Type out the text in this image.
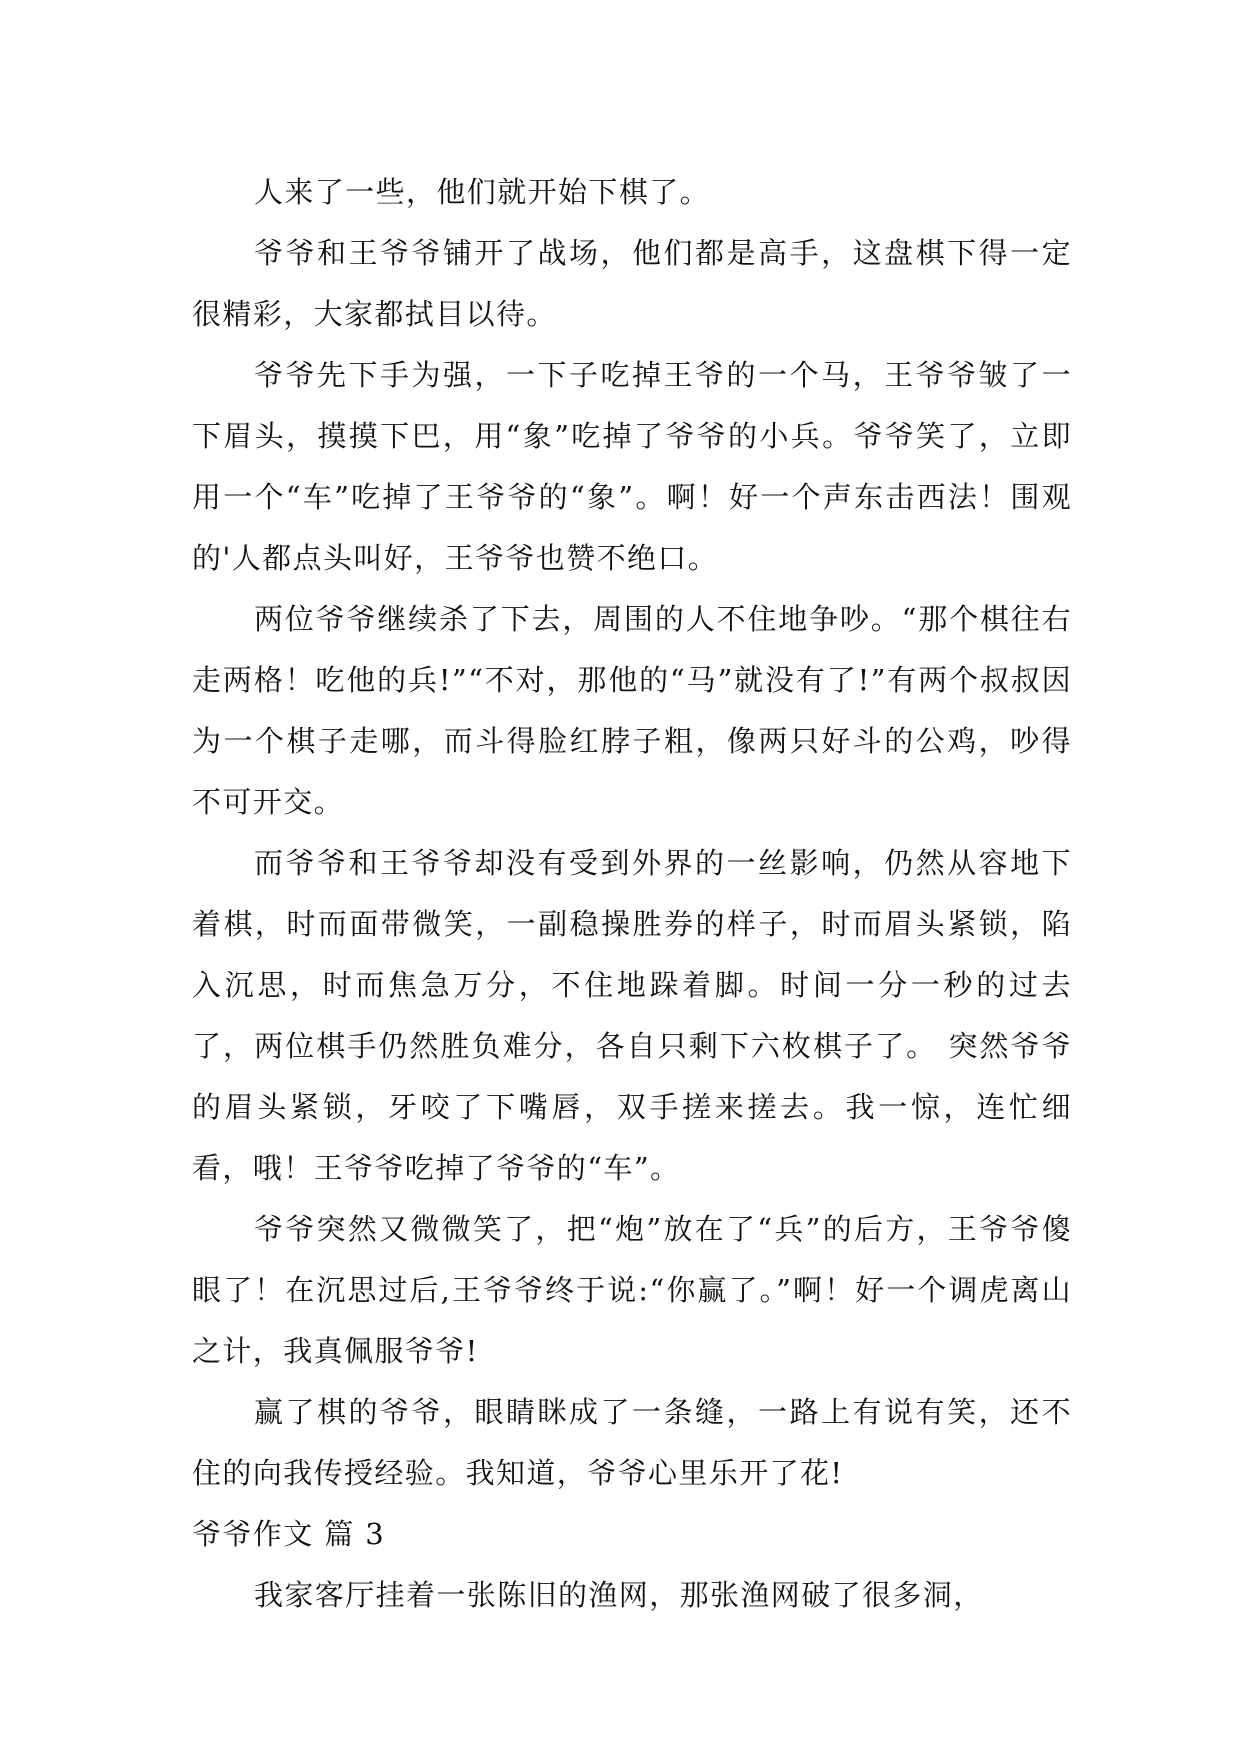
人来了一些，他们就开始下棋了。

爷爷和王爷爷铺开了战场，他们都是高手，这盘棋下得一定很精彩，大家都拭目以待。

爷爷先下手为强，一下子吃掉王爷的一个马，王爷爷皱了一下眉头，摸摸下巴，用“象”吃掉了爷爷的小兵。爷爷笑了，立即用一个“车”吃掉了王爷爷的“象”。啊！好一个声东击西法！围观的'人都点头叫好，王爷爷也赞不绝口。

两位爷爷继续杀了下去，周围的人不住地争吵。“那个棋往右走两格！吃他的兵!”“不对，那他的“马”就没有了!”有两个叔叔因为一个棋子走哪，而斗得脸红脖子粗，像两只好斗的公鸡，吵得不可开交。

而爷爷和王爷爷却没有受到外界的一丝影响，仍然从容地下着棋，时而面带微笑，一副稳操胜券的样子，时而眉头紧锁，陷入沉思，时而焦急万分，不住地跺着脚。时间一分一秒的过去了，两位棋手仍然胜负难分，各自只剩下六枚棋子了。 突然爷爷的眉头紧锁，牙咬了下嘴唇，双手搓来搓去。我一惊，连忙细看，哦！王爷爷吃掉了爷爷的“车”。

爷爷突然又微微笑了，把“炮”放在了“兵”的后方，王爷爷傻眼了！在沉思过后,王爷爷终于说:“你赢了。”啊！好一个调虎离山之计，我真佩服爷爷!

赢了棋的爷爷，眼睛眯成了一条缝，一路上有说有笑，还不住的向我传授经验。我知道，爷爷心里乐开了花!

爷爷作文 篇 3

我家客厅挂着一张陈旧的渔网，那张渔网破了很多洞，
